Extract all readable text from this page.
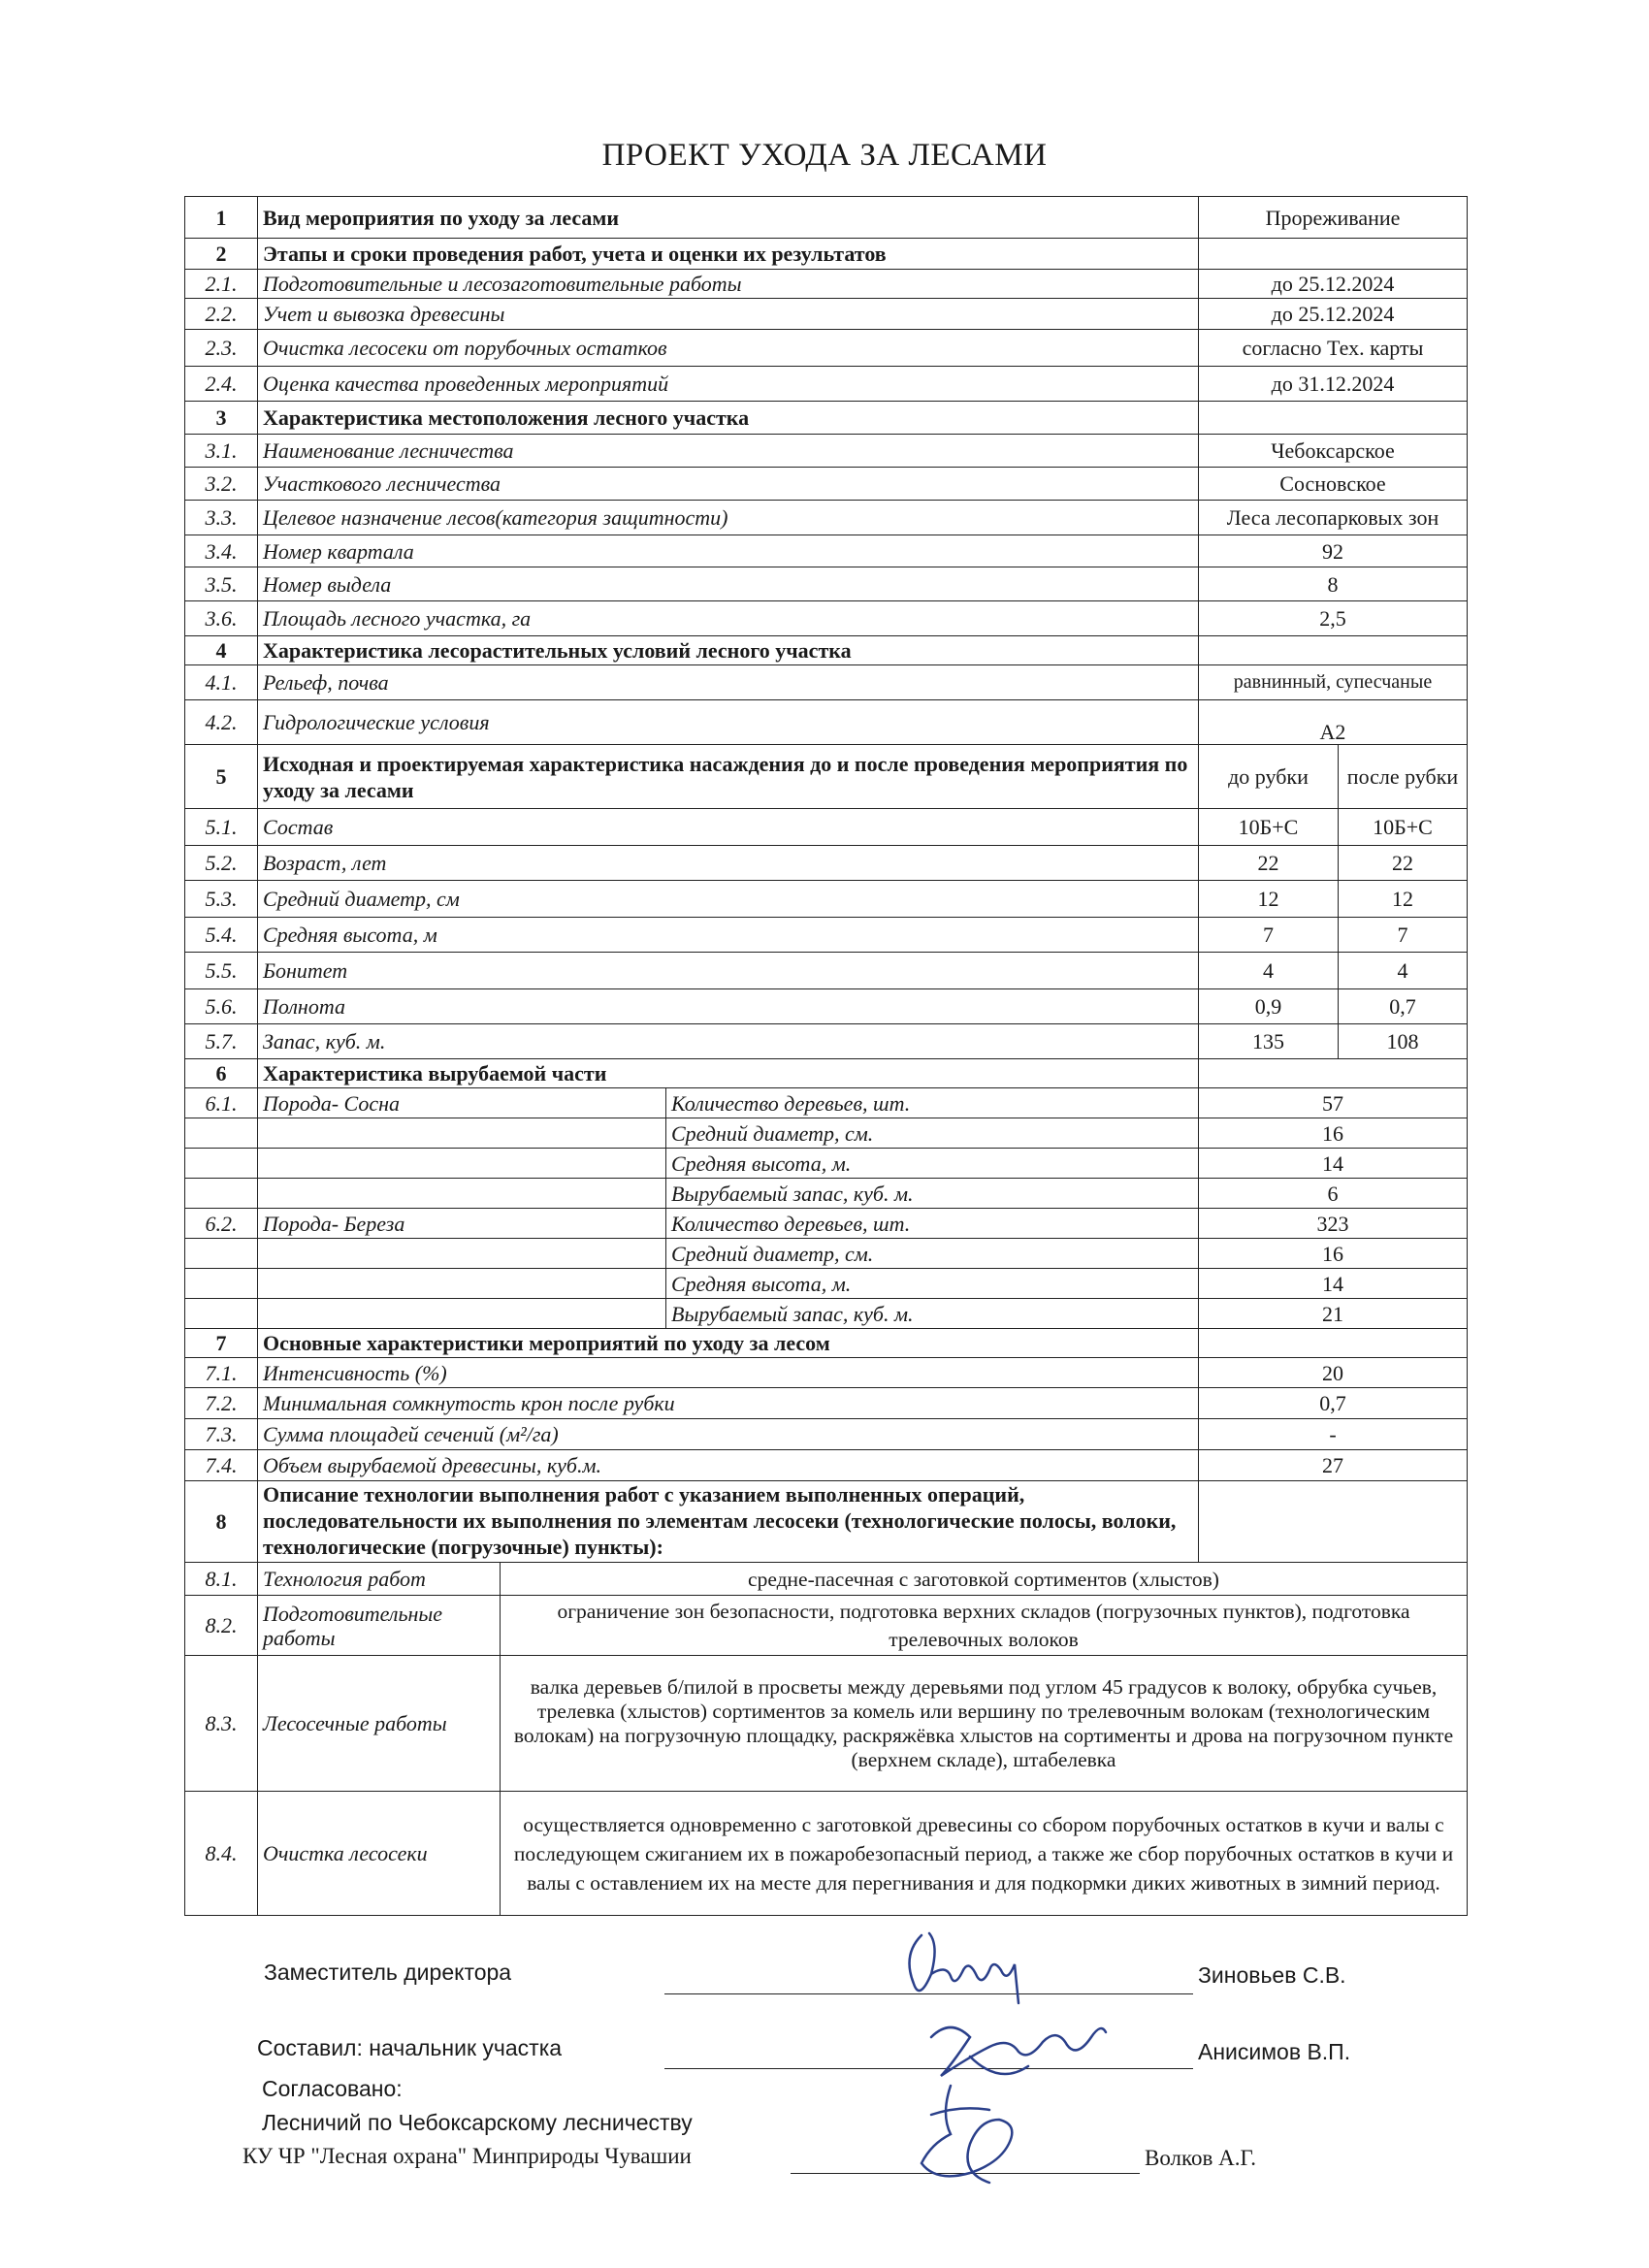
ПРОЕКТ УХОДА ЗА ЛЕСАМИ
1	Вид мероприятия по уходу за лесами			Прореживание	
2	Этапы и сроки проведения работ, учета и оценки их результатов				
2.1.	Подготовительные и лесозаготовительные работы			до 25.12.2024	
2.2.	Учет и вывозка древесины			до 25.12.2024	
2.3.	Очистка лесосеки от порубочных остатков			согласно Тех. карты	
2.4.	Оценка качества проведенных мероприятий			до 31.12.2024	
3	Характеристика местоположения лесного участка				
3.1.	Наименование лесничества			Чебоксарское	
3.2.	Участкового лесничества			Сосновское	
3.3.	Целевое назначение лесов(категория защитности)			Леса лесопарковых зон	
3.4.	Номер квартала			92	
3.5.	Номер выдела			8	
3.6.	Площадь лесного участка, га			2,5	
4	Характеристика лесорастительных условий лесного участка				
4.1.	Рельеф, почва			равнинный, супесчаные	
4.2.	Гидрологические условия			А2	
5	Исходная и проектируемая характеристика насаждения до и после проведения мероприятия по уходу за лесами			до рубки	после рубки
5.1.	Состав			10Б+С	10Б+С
5.2.	Возраст, лет			22	22
5.3.	Средний диаметр, см			12	12
5.4.	Средняя высота, м			7	7
5.5.	Бонитет			4	4
5.6.	Полнота			0,9	0,7
5.7.	Запас, куб. м.			135	108
6	Характеристика вырубаемой части				
6.1.	Порода- Сосна		Количество деревьев, шт.	57	
			Средний диаметр, см.	16	
			Средняя высота, м.	14	
			Вырубаемый запас, куб. м.	6	
6.2.	Порода- Береза		Количество деревьев, шт.	323	
			Средний диаметр, см.	16	
			Средняя высота, м.	14	
			Вырубаемый запас, куб. м.	21	
7	Основные характеристики мероприятий по уходу за лесом				
7.1.	Интенсивность (%)			20	
7.2.	Минимальная сомкнутость крон после рубки			0,7	
7.3.	Сумма площадей сечений (м²/га)			-	
7.4.	Объем вырубаемой древесины, куб.м.			27	
8	Описание технологии выполнения работ с указанием выполненных операций, последовательности их выполнения по элементам лесосеки (технологические полосы, волоки, технологические (погрузочные) пункты):				
8.1.	Технология работ	средне-пасечная с заготовкой сортиментов (хлыстов)			
8.2.	Подготовительные работы	ограничение зон безопасности, подготовка верхних складов (погрузочных пунктов), подготовка трелевочных волоков			
8.3.	Лесосечные работы	валка деревьев б/пилой в просветы между деревьями под углом 45 градусов к волоку, обрубка сучьев, трелевка (хлыстов) сортиментов за комель или вершину по трелевочным волокам (технологическим волокам) на погрузочную площадку, раскряжёвка хлыстов на сортименты и дрова на погрузочном пункте (верхнем складе), штабелевка			
8.4.	Очистка лесосеки	осуществляется одновременно с заготовкой древесины со сбором порубочных остатков в кучи и валы с последующем сжиганием их в пожаробезопасный период, а также же сбор порубочных остатков в кучи и валы с оставлением их на месте для перегнивания и для подкормки диких животных в зимний период.			
Заместитель директора	Зиновьев С.В.
Составил: начальник участка	Анисимов В.П.
Согласовано:
Лесничий по Чебоксарскому лесничеству
КУ ЧР "Лесная охрана" Минприроды Чувашии	Волков А.Г.
